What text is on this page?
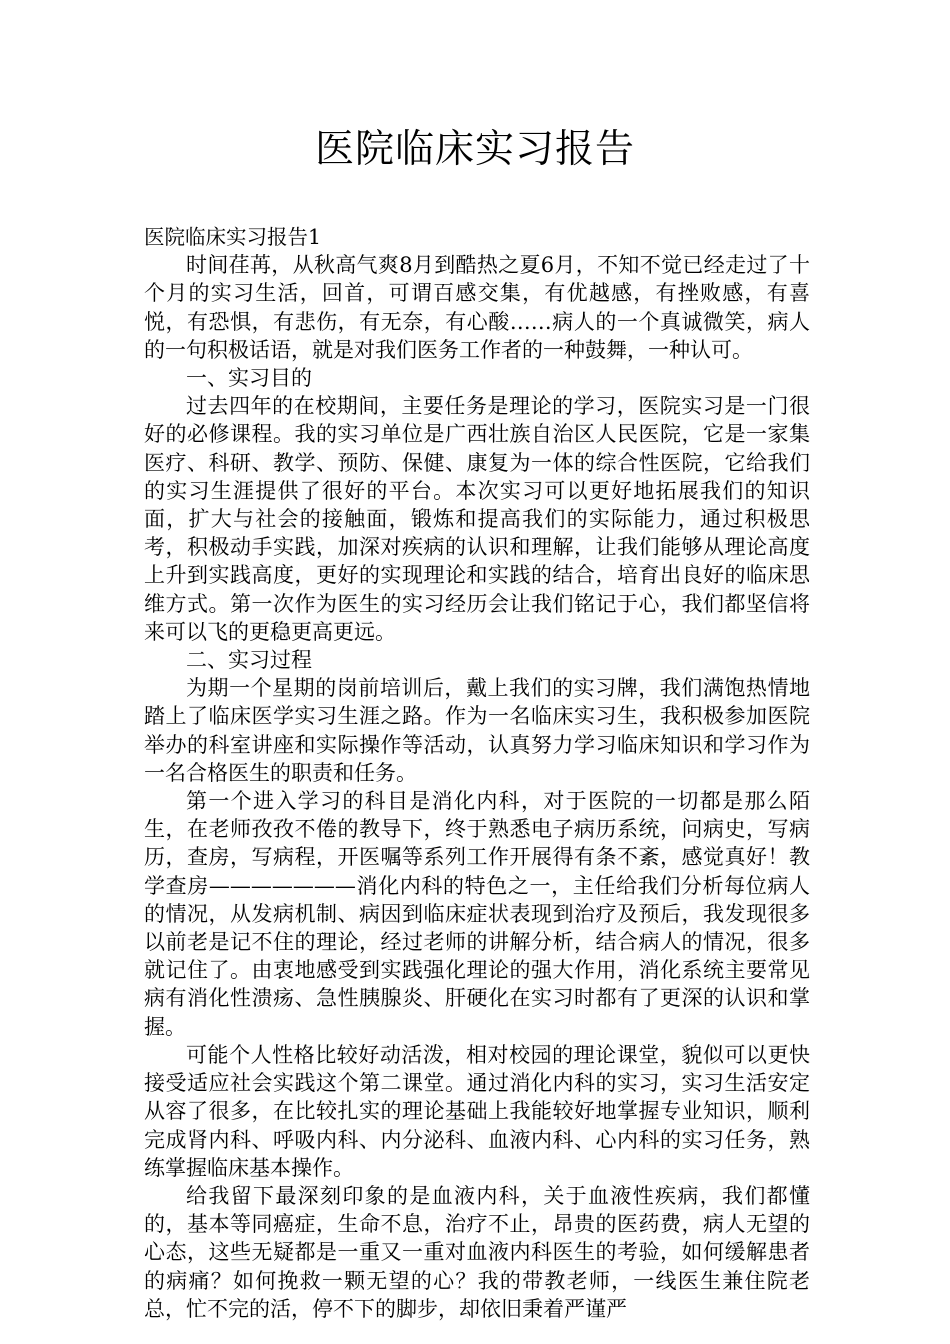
医院临床实习报告

医院临床实习报告1

时间荏苒，从秋高气爽8月到酷热之夏6月，不知不觉已经走过了十个月的实习生活，回首，可谓百感交集，有优越感，有挫败感，有喜悦，有恐惧，有悲伤，有无奈，有心酸……病人的一个真诚微笑，病人的一句积极话语，就是对我们医务工作者的一种鼓舞，一种认可。

一、实习目的

过去四年的在校期间，主要任务是理论的学习，医院实习是一门很好的必修课程。我的实习单位是广西壮族自治区人民医院，它是一家集医疗、科研、教学、预防、保健、康复为一体的综合性医院，它给我们的实习生涯提供了很好的平台。本次实习可以更好地拓展我们的知识面，扩大与社会的接触面，锻炼和提高我们的实际能力，通过积极思考，积极动手实践，加深对疾病的认识和理解，让我们能够从理论高度上升到实践高度，更好的实现理论和实践的结合，培育出良好的临床思维方式。第一次作为医生的实习经历会让我们铭记于心，我们都坚信将来可以飞的更稳更高更远。

二、实习过程

为期一个星期的岗前培训后，戴上我们的实习牌，我们满饱热情地踏上了临床医学实习生涯之路。作为一名临床实习生，我积极参加医院举办的科室讲座和实际操作等活动，认真努力学习临床知识和学习作为一名合格医生的职责和任务。

第一个进入学习的科目是消化内科，对于医院的一切都是那么陌生，在老师孜孜不倦的教导下，终于熟悉电子病历系统，问病史，写病历，查房，写病程，开医嘱等系列工作开展得有条不紊，感觉真好！教学查房———————消化内科的特色之一，主任给我们分析每位病人的情况，从发病机制、病因到临床症状表现到治疗及预后，我发现很多以前老是记不住的理论，经过老师的讲解分析，结合病人的情况，很多就记住了。由衷地感受到实践强化理论的强大作用，消化系统主要常见病有消化性溃疡、急性胰腺炎、肝硬化在实习时都有了更深的认识和掌握。

可能个人性格比较好动活泼，相对校园的理论课堂，貌似可以更快接受适应社会实践这个第二课堂。通过消化内科的实习，实习生活安定从容了很多，在比较扎实的理论基础上我能较好地掌握专业知识，顺利完成肾内科、呼吸内科、内分泌科、血液内科、心内科的实习任务，熟练掌握临床基本操作。

给我留下最深刻印象的是血液内科，关于血液性疾病，我们都懂的，基本等同癌症，生命不息，治疗不止，昂贵的医药费，病人无望的心态，这些无疑都是一重又一重对血液内科医生的考验，如何缓解患者的病痛？如何挽救一颗无望的心？我的带教老师，一线医生兼住院老总，忙不完的活，停不下的脚步，却依旧秉着严谨严
